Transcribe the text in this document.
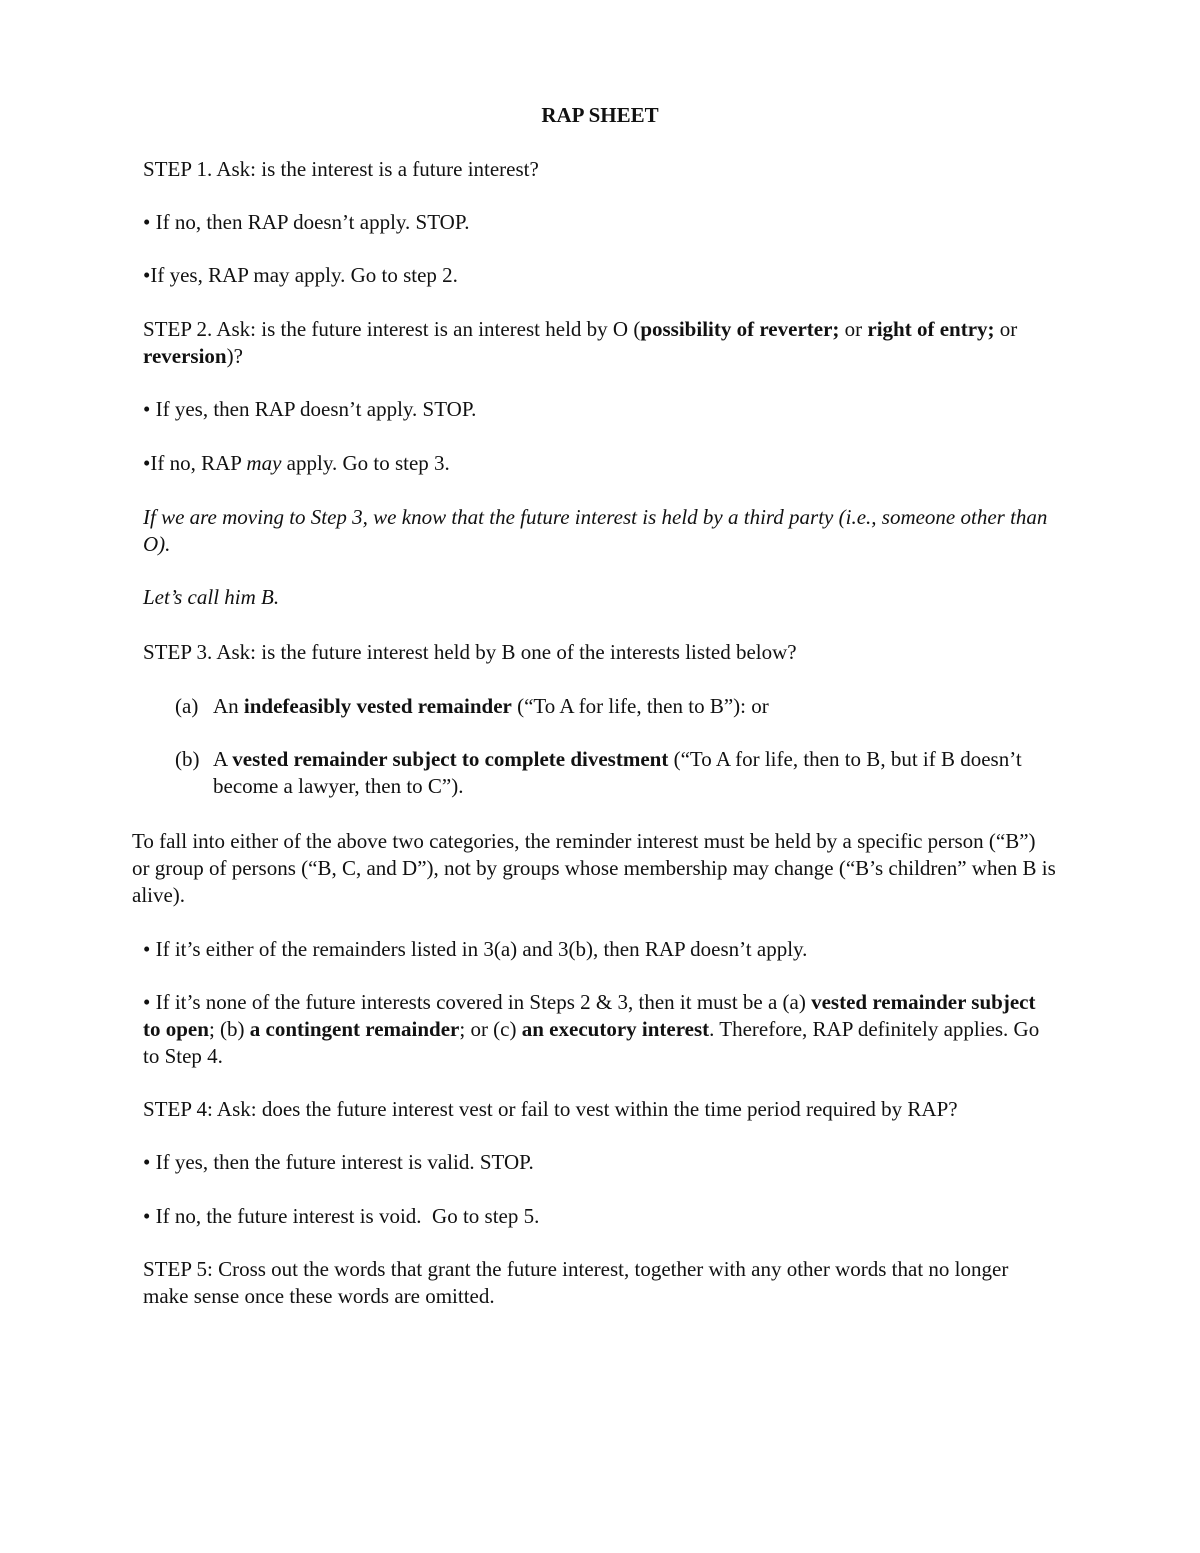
RAP SHEET

STEP 1. Ask: is the interest is a future interest?

• If no, then RAP doesn’t apply. STOP.

•If yes, RAP may apply. Go to step 2.

STEP 2. Ask: is the future interest is an interest held by O (possibility of reverter; or right of entry; or reversion)?

• If yes, then RAP doesn’t apply. STOP.

•If no, RAP may apply. Go to step 3.

If we are moving to Step 3, we know that the future interest is held by a third party (i.e., someone other than O).

Let’s call him B.

STEP 3. Ask: is the future interest held by B one of the interests listed below?

(a) An indefeasibly vested remainder (“To A for life, then to B”): or
(b) A vested remainder subject to complete divestment (“To A for life, then to B, but if B doesn’t become a lawyer, then to C”).

To fall into either of the above two categories, the reminder interest must be held by a specific person (“B”) or group of persons (“B, C, and D”), not by groups whose membership may change (“B’s children” when B is alive).

• If it’s either of the remainders listed in 3(a) and 3(b), then RAP doesn’t apply.

• If it’s none of the future interests covered in Steps 2 & 3, then it must be a (a) vested remainder subject to open; (b) a contingent remainder; or (c) an executory interest. Therefore, RAP definitely applies. Go to Step 4.

STEP 4: Ask: does the future interest vest or fail to vest within the time period required by RAP?

• If yes, then the future interest is valid. STOP.

• If no, the future interest is void.  Go to step 5.

STEP 5: Cross out the words that grant the future interest, together with any other words that no longer make sense once these words are omitted.
